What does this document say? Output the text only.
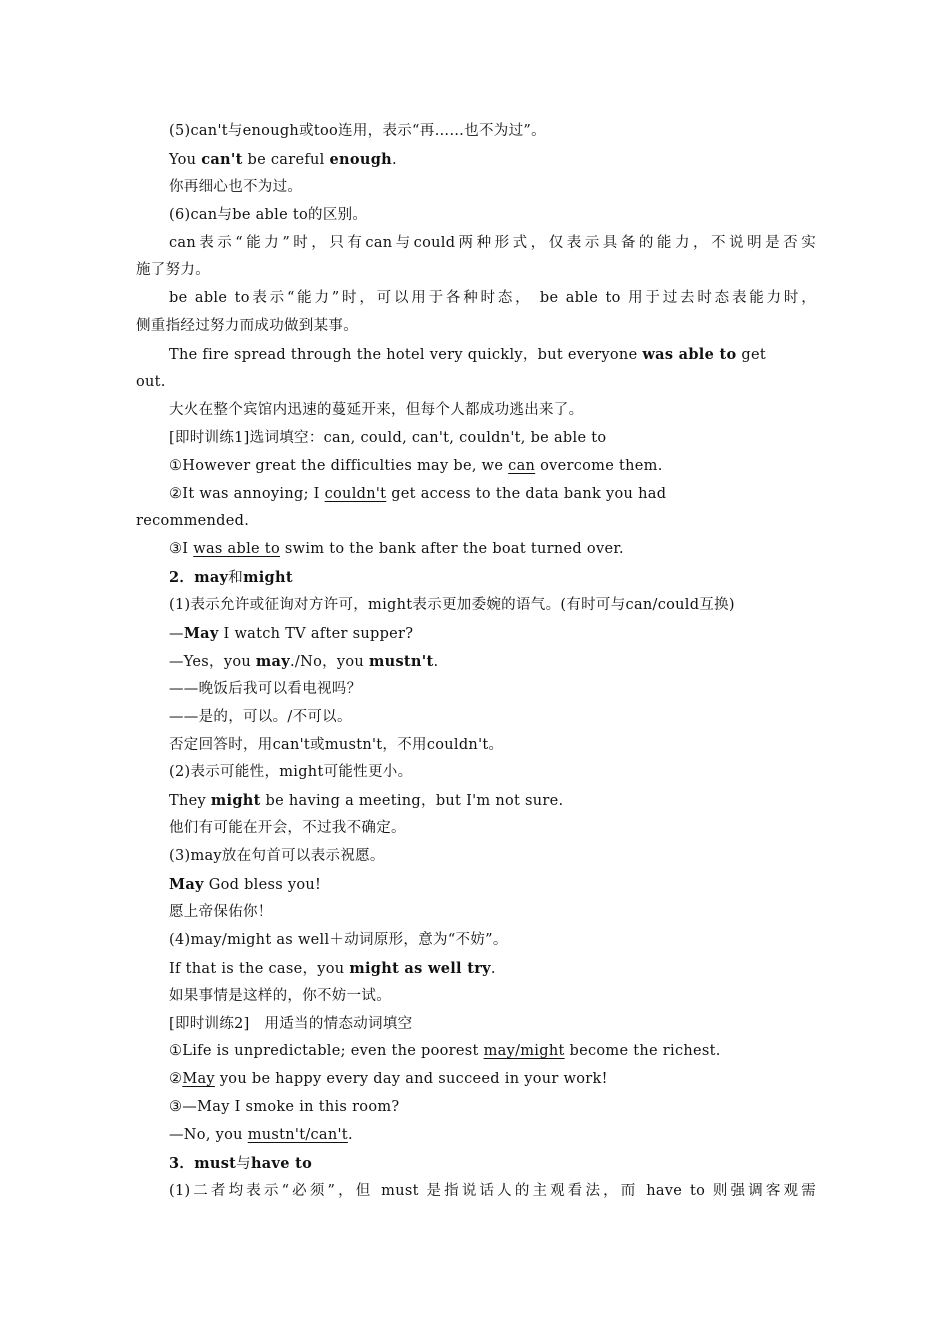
(5)can't与enough或too连用，表示“再……也不为过”。
You can't be careful enough.
你再细心也不为过。
(6)can与be able to的区别。
can表示“能力”时，只有can与could两种形式，仅表示具备的能力，不说明是否实
施了努力。
be able to表示“能力”时，可以用于各种时态， be able to 用于过去时态表能力时，
侧重指经过努力而成功做到某事。
The fire spread through the hotel very quickly，but everyone was able to get
out.
大火在整个宾馆内迅速的蔓延开来，但每个人都成功逃出来了。
[即时训练1]选词填空：can, could, can't, couldn't, be able to
①However great the difficulties may be, we can overcome them.
②It was annoying; I couldn't get access to the data bank you had
recommended.
③I was able to swim to the bank after the boat turned over.
2．may和might
(1)表示允许或征询对方许可，might表示更加委婉的语气。(有时可与can/could互换)
—May I watch TV after supper?
—Yes，you may./No，you mustn't.
——晚饭后我可以看电视吗？
——是的，可以。/不可以。
否定回答时，用can't或mustn't，不用couldn't。
(2)表示可能性，might可能性更小。
They might be having a meeting，but I'm not sure.
他们有可能在开会，不过我不确定。
(3)may放在句首可以表示祝愿。
May God bless you!
愿上帝保佑你！
(4)may/might as well＋动词原形，意为“不妨”。
If that is the case，you might as well try.
如果事情是这样的，你不妨一试。
[即时训练2]　用适当的情态动词填空
①Life is unpredictable; even the poorest may/might become the richest.
②May you be happy every day and succeed in your work!
③—May I smoke in this room?
—No, you mustn't/can't.
3．must与have to
(1)二者均表示“必须”，但 must 是指说话人的主观看法，而 have to 则强调客观需
